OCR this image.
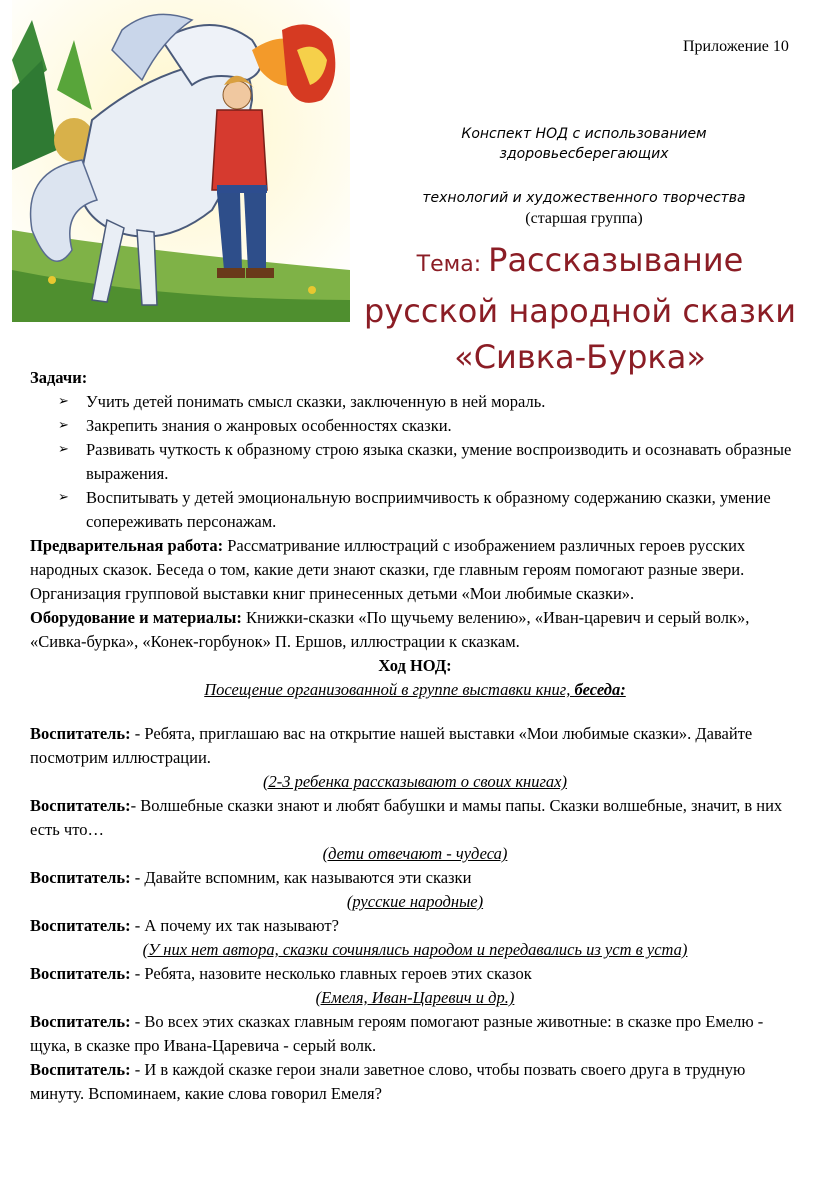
Приложение 10
Конспект НОД с использованием здоровьесберегающих
технологий и художественного творчества
(старшая группа)
Тема: Рассказывание русской народной сказки «Сивка-Бурка»

Задачи:

➢ Учить детей понимать смысл сказки, заключенную в ней мораль.
➢ Закрепить знания о жанровых особенностях сказки.
➢ Развивать чуткость к образному строю языка сказки, умение воспроизводить и осознавать образные выражения.
➢ Воспитывать у детей эмоциональную восприимчивость к образному содержанию сказки, умение сопереживать персонажам.

Предварительная работа: Рассматривание иллюстраций с изображением различных героев русских народных сказок. Беседа о том, какие дети знают сказки, где главным героям помогают разные звери. Организация групповой выставки книг принесенных детьми «Мои любимые сказки».

Оборудование и материалы: Книжки-сказки «По щучьему велению», «Иван-царевич и серый волк», «Сивка-бурка», «Конек-горбунок» П. Ершов, иллюстрации к сказкам.

Ход НОД:

Посещение организованной в группе выставки книг, беседа:

Воспитатель: - Ребята, приглашаю вас на открытие нашей выставки «Мои любимые сказки». Давайте посмотрим иллюстрации.

(2-3 ребенка рассказывают о своих книгах)

Воспитатель:- Волшебные сказки знают и любят бабушки и мамы папы. Сказки волшебные, значит, в них есть что…

(дети отвечают - чудеса)

Воспитатель: - Давайте вспомним, как называются эти сказки

(русские народные)

Воспитатель: - А почему их так называют?

(У них нет автора, сказки сочинялись народом и передавались из уст в уста)

Воспитатель: - Ребята, назовите несколько главных героев этих сказок

(Емеля, Иван-Царевич и др.)

Воспитатель: - Во всех этих сказках главным героям помогают разные животные: в сказке про Емелю - щука, в сказке про Ивана-Царевича - серый волк.

Воспитатель: - И в каждой сказке герои знали заветное слово, чтобы позвать своего друга в трудную минуту. Вспоминаем, какие слова говорил Емеля?
